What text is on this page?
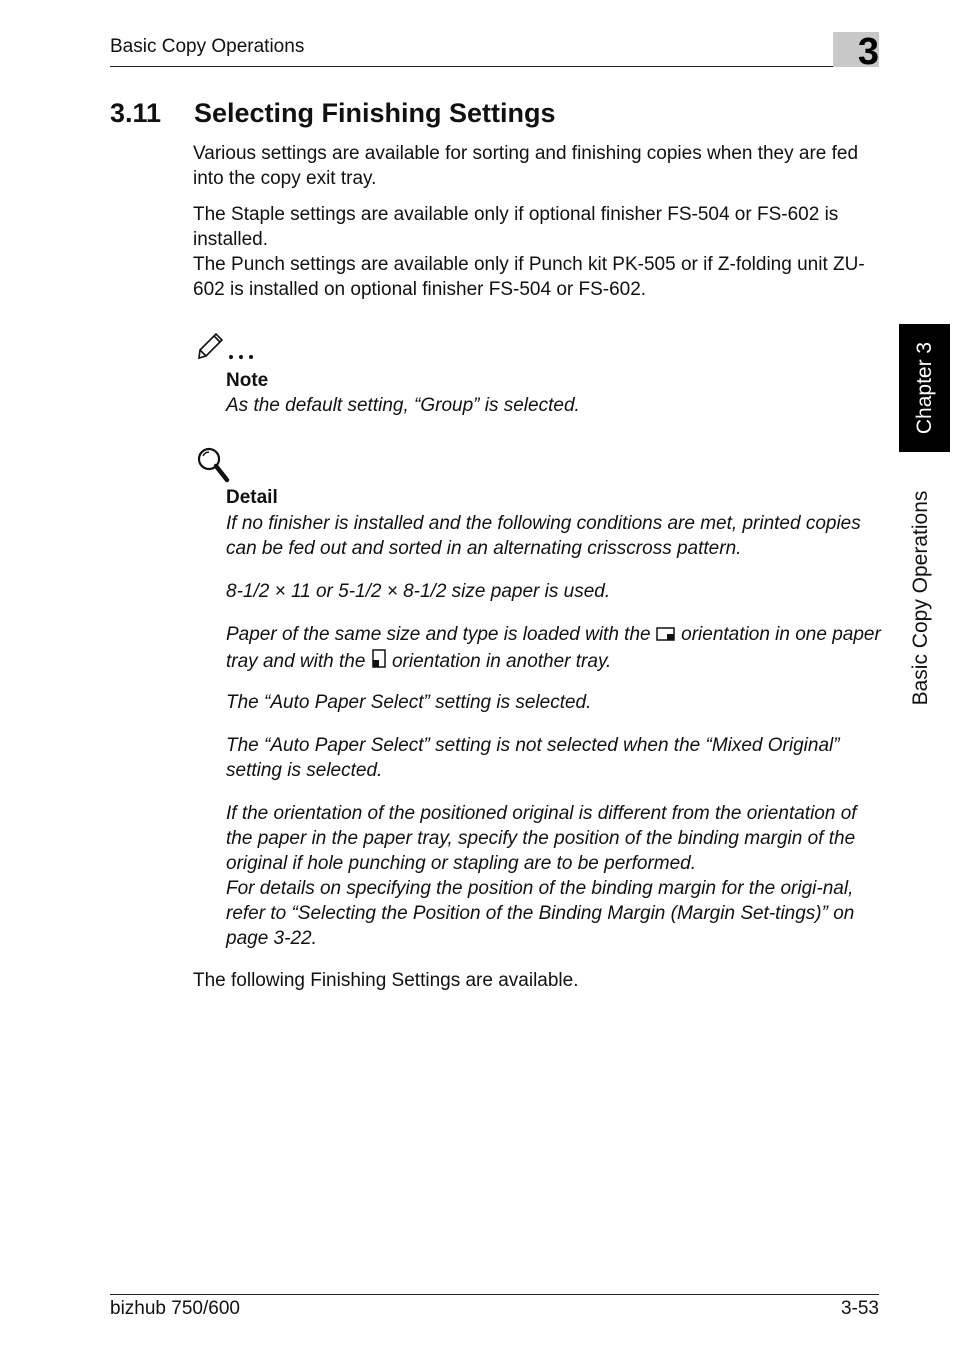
Basic Copy Operations	3
3.11 Selecting Finishing Settings

Various settings are available for sorting and finishing copies when they are fed into the copy exit tray.

The Staple settings are available only if optional finisher FS-504 or FS-602 is installed.

The Punch settings are available only if Punch kit PK-505 or if Z-folding unit ZU-602 is installed on optional finisher FS-504 or FS-602.

Note

As the default setting, “Group” is selected.

Detail

If no finisher is installed and the following conditions are met, printed copies can be fed out and sorted in an alternating crisscross pattern.

8-1/2 × 11 or 5-1/2 × 8-1/2 size paper is used.

Paper of the same size and type is loaded with the orientation in one paper tray and with the orientation in another tray.

The “Auto Paper Select” setting is selected.

The “Auto Paper Select” setting is not selected when the “Mixed Original” setting is selected.

If the orientation of the positioned original is different from the orientation of the paper in the paper tray, specify the position of the binding margin of the original if hole punching or stapling are to be performed.

For details on specifying the position of the binding margin for the origi-nal, refer to “Selecting the Position of the Binding Margin (Margin Set-tings)” on page 3-22.

The following Finishing Settings are available.

Chapter 3
Basic Copy Operations
bizhub 750/600	3-53
